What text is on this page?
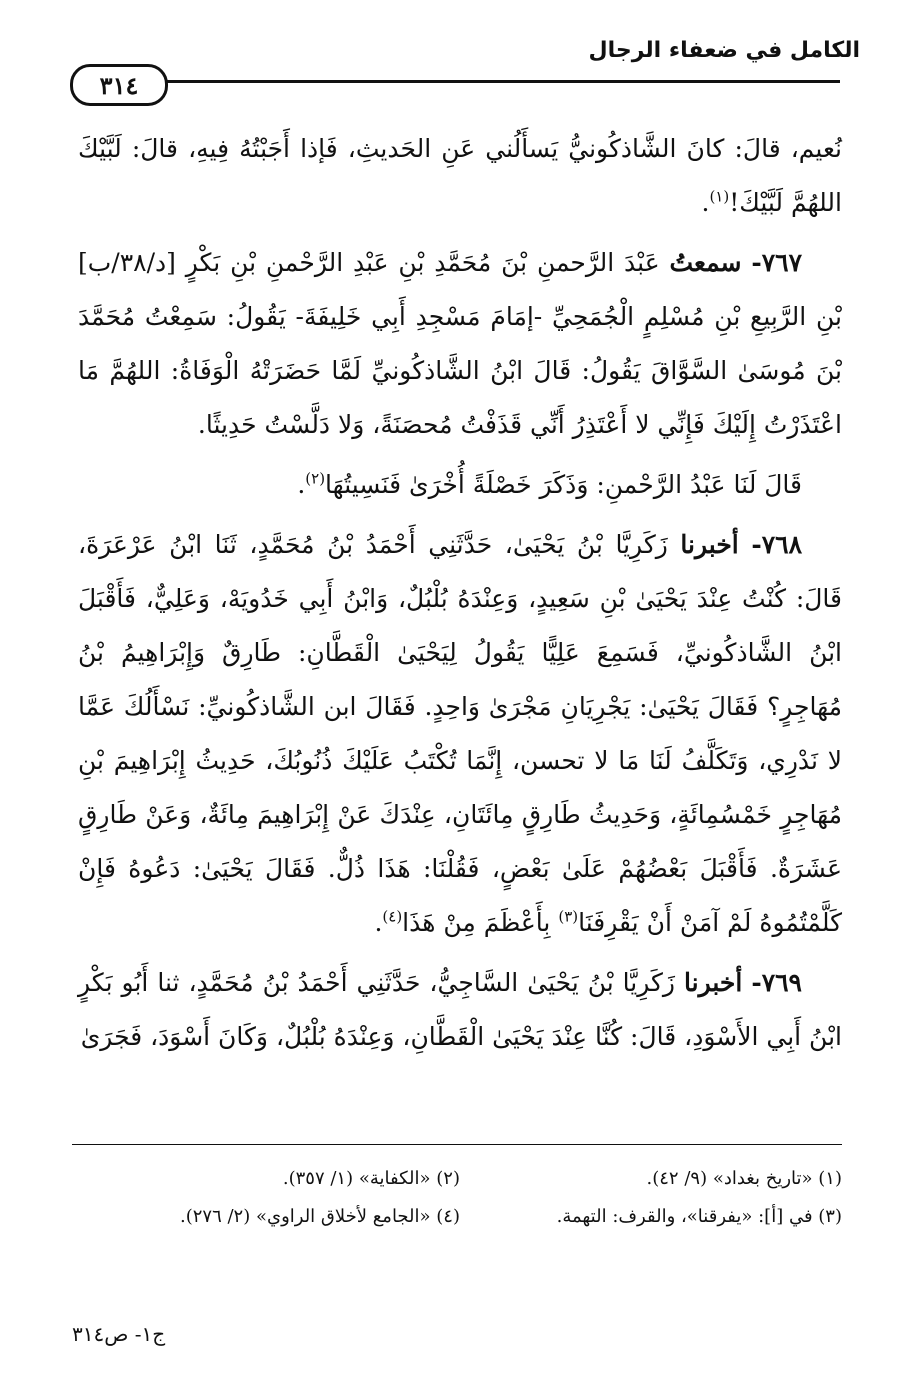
الكامل في ضعفاء الرجال
٣١٤

نُعيم، قالَ: كانَ الشَّاذكُونيُّ يَسأَلُني عَنِ الحَديثِ، فَإذا أَجَبْتُهُ فِيهِ، قالَ: لَبَّيْكَ اللهُمَّ لَبَّيْكَ!$^{(١)}$.

٧٦٧- سمعتُ عَبْدَ الرَّحمنِ بْنَ مُحَمَّدِ بْنِ عَبْدِ الرَّحْمنِ بْنِ بَكْرٍ [د/٣٨/ب] بْنِ الرَّبِيعِ بْنِ مُسْلِمٍ الْجُمَحِيِّ -إمَامَ مَسْجِدِ أَبِي خَلِيفَةَ- يَقُولُ: سَمِعْتُ مُحَمَّدَ بْنَ مُوسَىٰ السَّوَّاقَ يَقُولُ: قَالَ ابْنُ الشَّاذكُونيِّ لَمَّا حَضَرَتْهُ الْوَفَاةُ: اللهُمَّ مَا اعْتَذَرْتُ إِلَيْكَ فَإِنِّي لا أَعْتَذِرُ أَنِّي قَذَفْتُ مُحصَنَةً، وَلا دَلَّسْتُ حَدِيثًا.

قَالَ لَنَا عَبْدُ الرَّحْمنِ: وَذَكَرَ خَصْلَةً أُخْرَىٰ فَنَسِيتُهَا$^{(٢)}$.

٧٦٨- أخبرنا زَكَرِيَّا بْنُ يَحْيَىٰ، حَدَّثَنِي أَحْمَدُ بْنُ مُحَمَّدٍ، ثَنَا ابْنُ عَرْعَرَةَ، قَالَ: كُنْتُ عِنْدَ يَحْيَىٰ بْنِ سَعِيدٍ، وَعِنْدَهُ بُلْبُلٌ، وَابْنُ أَبِي خَدُويَهْ، وَعَلِيٌّ، فَأَقْبَلَ ابْنُ الشَّاذكُونيِّ، فَسَمِعَ عَلِيًّا يَقُولُ لِيَحْيَىٰ الْقَطَّانِ: طَارِقٌ وَإِبْرَاهِيمُ بْنُ مُهَاجِرٍ؟ فَقَالَ يَحْيَىٰ: يَجْرِيَانِ مَجْرَىٰ وَاحِدٍ. فَقَالَ ابن الشَّاذكُونيِّ: نَسْأَلُكَ عَمَّا لا نَدْرِي، وَتَكَلَّفُ لَنَا مَا لا تحسن، إِنَّمَا تُكْتَبُ عَلَيْكَ ذُنُوبُكَ، حَدِيثُ إِبْرَاهِيمَ بْنِ مُهَاجِرٍ خَمْسُمِائَةٍ، وَحَدِيثُ طَارِقٍ مِائَتَانِ، عِنْدَكَ عَنْ إِبْرَاهِيمَ مِائَةٌ، وَعَنْ طَارِقٍ عَشَرَةٌ. فَأَقْبَلَ بَعْضُهُمْ عَلَىٰ بَعْضٍ، فَقُلْنَا: هَذَا ذُلٌّ. فَقَالَ يَحْيَىٰ: دَعُوهُ فَإِنْ كَلَّمْتُمُوهُ لَمْ آمَنْ أَنْ يَقْرِفَنَا$^{(٣)}$ بِأَعْظَمَ مِنْ هَذَا$^{(٤)}$.

٧٦٩- أخبرنا زَكَرِيَّا بْنُ يَحْيَىٰ السَّاجِيُّ، حَدَّثَنِي أَحْمَدُ بْنُ مُحَمَّدٍ، ثنا أَبُو بَكْرٍ ابْنُ أَبِي الأَسْوَدِ، قَالَ: كُنَّا عِنْدَ يَحْيَىٰ الْقَطَّانِ، وَعِنْدَهُ بُلْبُلٌ، وَكَانَ أَسْوَدَ، فَجَرَىٰ

(١) «تاريخ بغداد» (٩/ ٤٢).
(٢) «الكفاية» (١/ ٣٥٧).
(٣) في [أ]: «يفرقنا»، والقرف: التهمة.
(٤) «الجامع لأخلاق الراوي» (٢/ ٢٧٦).
ج١- ص٣١٤
